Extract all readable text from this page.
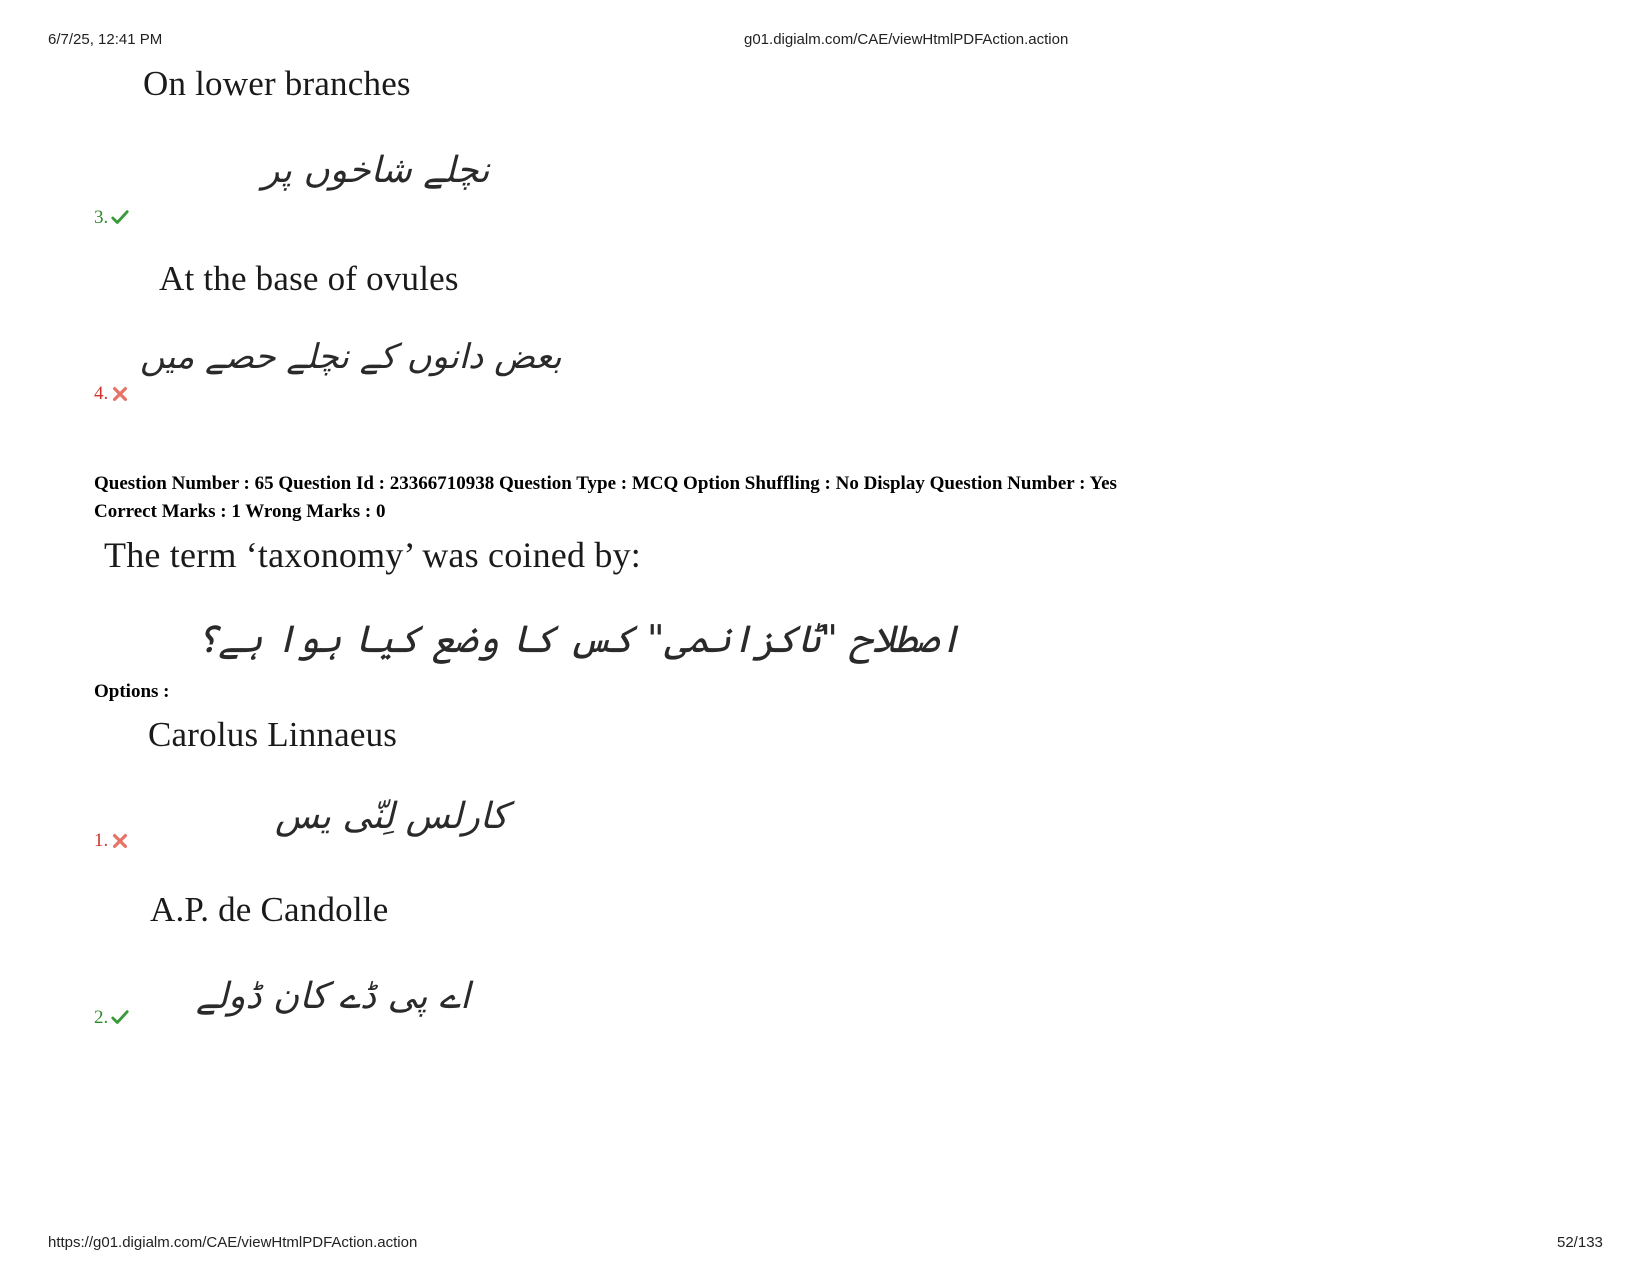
6/7/25, 12:41 PM	g01.digialm.com/CAE/viewHtmlPDFAction.action
On lower branches
نچلے شاخوں پر
3.
At the base of ovules
بعض دانوں کے نچلے حصے میں
4.
Question Number : 65 Question Id : 23366710938 Question Type : MCQ Option Shuffling : No Display Question Number : Yes
Correct Marks : 1 Wrong Marks : 0
The term ‘taxonomy’ was coined by:
اصطلاح "ٹاکزانمی" کس کا وضع کیا ہوا ہے؟
Options :
Carolus Linnaeus
کارلس لِنّی یس
1.
A.P. de Candolle
اے پی ڈے کان ڈولے
2.
https://g01.digialm.com/CAE/viewHtmlPDFAction.action	52/133
